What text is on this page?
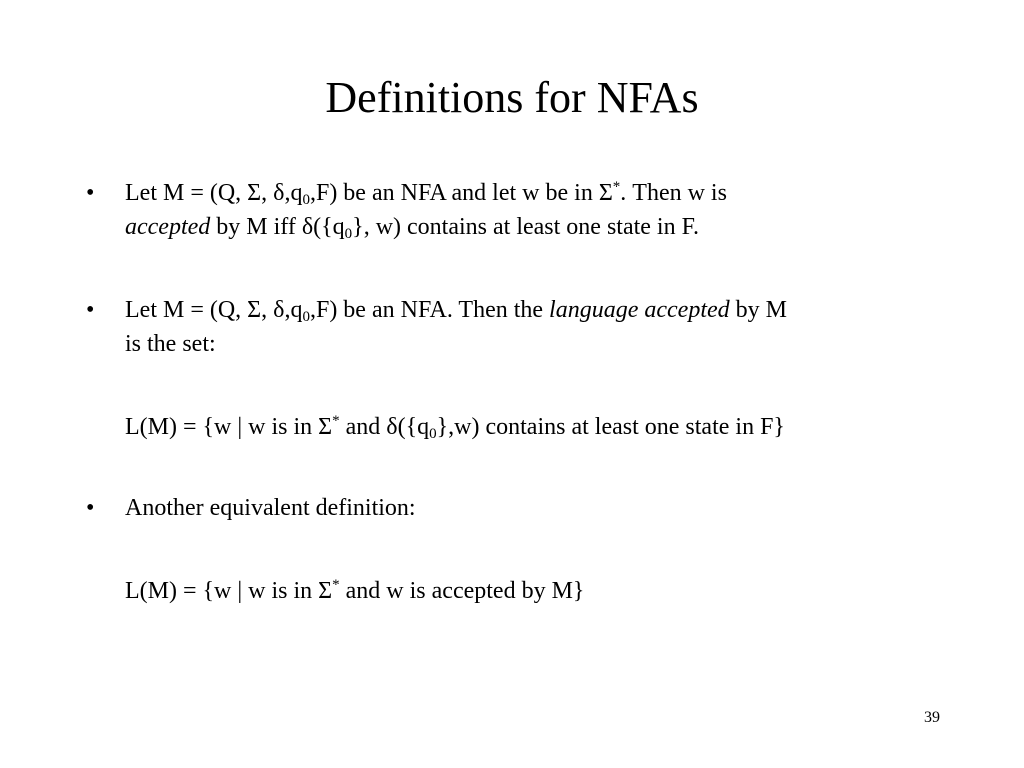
Definitions for NFAs
• Let M = (Q, Σ, $\delta,q_0,F$) be an NFA and let w be in Σ*. Then w is
accepted by M iff $\delta(\{q_0\}$, w) contains at least one state in F.
• Let M = (Q, Σ, $\delta,q_0,F$) be an NFA. Then the language accepted by M
is the set:
L(M) = {w | w is in Σ* and $\delta(\{q_0\},w)$ contains at least one state in F}
• Another equivalent definition:
L(M) = {w | w is in Σ* and w is accepted by M}
39
